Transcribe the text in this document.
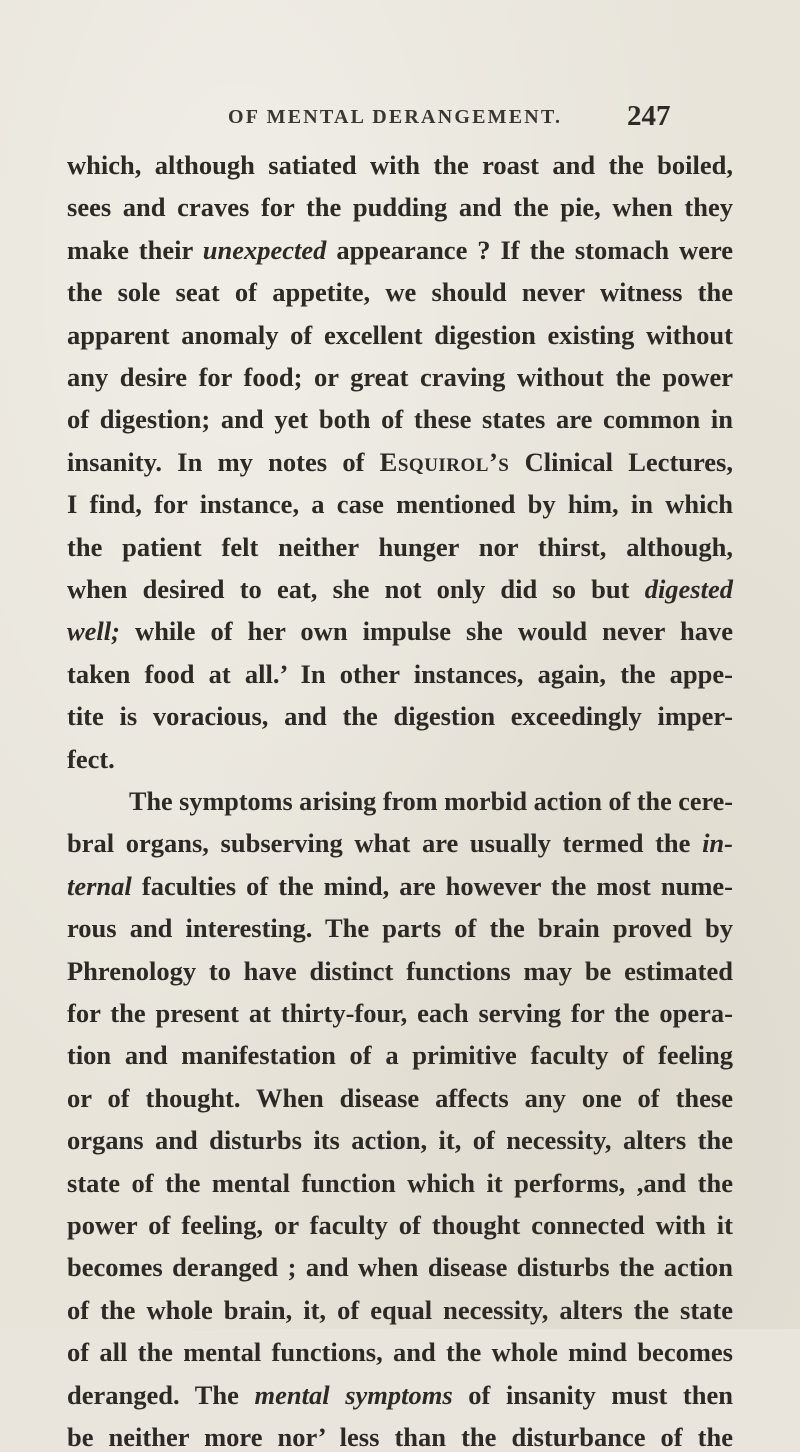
OF MENTAL DERANGEMENT. 247
which, although satiated with the roast and the boiled,
sees and craves for the pudding and the pie, when they
make their unexpected appearance ? If the stomach were
the sole seat of appetite, we should never witness the
apparent anomaly of excellent digestion existing without
any desire for food; or great craving without the power
of digestion; and yet both of these states are common in
insanity. In my notes of Esquirol’s Clinical Lectures,
I find, for instance, a case mentioned by him, in which
the patient felt neither hunger nor thirst, although,
when desired to eat, she not only did so but digested
well; while of her own impulse she would never have
taken food at all.’ In other instances, again, the appe-
tite is voracious, and the digestion exceedingly imper-
fect.
The symptoms arising from morbid action of the cere-
bral organs, subserving what are usually termed the in-
ternal faculties of the mind, are however the most nume-
rous and interesting. The parts of the brain proved by
Phrenology to have distinct functions may be estimated
for the present at thirty-four, each serving for the opera-
tion and manifestation of a primitive faculty of feeling
or of thought. When disease affects any one of these
organs and disturbs its action, it, of necessity, alters the
state of the mental function which it performs, ,and the
power of feeling, or faculty of thought connected with it
becomes deranged ; and when disease disturbs the action
of the whole brain, it, of equal necessity, alters the state
of all the mental functions, and the whole mind becomes
deranged. The mental symptoms of insanity must then
be neither more nor’ less than the disturbance of the
